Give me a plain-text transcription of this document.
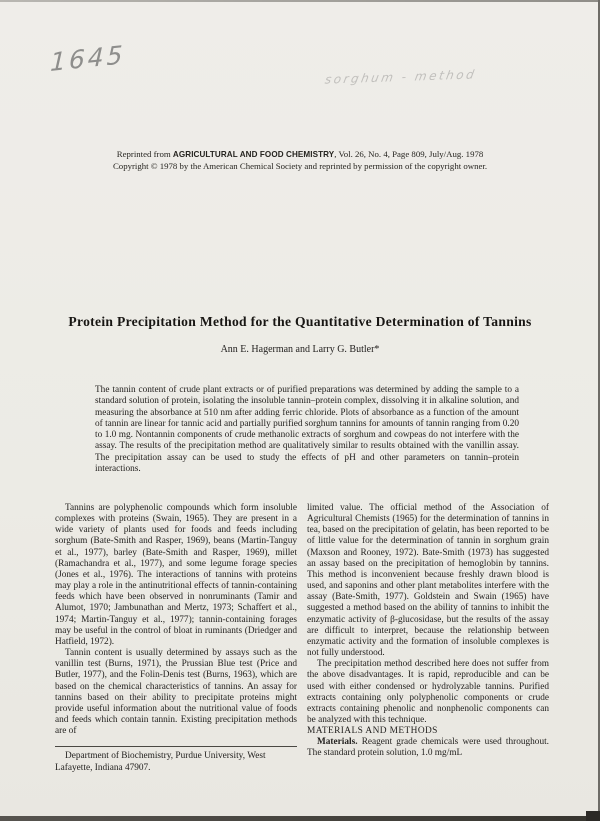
1645	sorghum - method
Reprinted from AGRICULTURAL AND FOOD CHEMISTRY, Vol. 26, No. 4, Page 809, July/Aug. 1978
Copyright © 1978 by the American Chemical Society and reprinted by permission of the copyright owner.
Protein Precipitation Method for the Quantitative Determination of Tannins
Ann E. Hagerman and Larry G. Butler*
The tannin content of crude plant extracts or of purified preparations was determined by adding the sample to a standard solution of protein, isolating the insoluble tannin–protein complex, dissolving it in alkaline solution, and measuring the absorbance at 510 nm after adding ferric chloride. Plots of absorbance as a function of the amount of tannin are linear for tannic acid and partially purified sorghum tannins for amounts of tannin ranging from 0.20 to 1.0 mg. Nontannin components of crude methanolic extracts of sorghum and cowpeas do not interfere with the assay. The results of the precipitation method are qualitatively similar to results obtained with the vanillin assay. The precipitation assay can be used to study the effects of pH and other parameters on tannin–protein interactions.

Tannins are polyphenolic compounds which form insoluble complexes with proteins (Swain, 1965). They are present in a wide variety of plants used for foods and feeds including sorghum (Bate-Smith and Rasper, 1969), beans (Martin-Tanguy et al., 1977), barley (Bate-Smith and Rasper, 1969), millet (Ramachandra et al., 1977), and some legume forage species (Jones et al., 1976). The interactions of tannins with proteins may play a role in the antinutritional effects of tannin-containing feeds which have been observed in nonruminants (Tamir and Alumot, 1970; Jambunathan and Mertz, 1973; Schaffert et al., 1974; Martin-Tanguy et al., 1977); tannin-containing forages may be useful in the control of bloat in ruminants (Driedger and Hatfield, 1972).

Tannin content is usually determined by assays such as the vanillin test (Burns, 1971), the Prussian Blue test (Price and Butler, 1977), and the Folin-Denis test (Burns, 1963), which are based on the chemical characteristics of tannins. An assay for tannins based on their ability to precipitate proteins might provide useful information about the nutritional value of foods and feeds which contain tannin. Existing precipitation methods are of

Department of Biochemistry, Purdue University, West Lafayette, Indiana 47907.

limited value. The official method of the Association of Agricultural Chemists (1965) for the determination of tannins in tea, based on the precipitation of gelatin, has been reported to be of little value for the determination of tannin in sorghum grain (Maxson and Rooney, 1972). Bate-Smith (1973) has suggested an assay based on the precipitation of hemoglobin by tannins. This method is inconvenient because freshly drawn blood is used, and saponins and other plant metabolites interfere with the assay (Bate-Smith, 1977). Goldstein and Swain (1965) have suggested a method based on the ability of tannins to inhibit the enzymatic activity of β-glucosidase, but the results of the assay are difficult to interpret, because the relationship between enzymatic activity and the formation of insoluble complexes is not fully understood.

The precipitation method described here does not suffer from the above disadvantages. It is rapid, reproducible and can be used with either condensed or hydrolyzable tannins. Purified extracts containing only polyphenolic components or crude extracts containing phenolic and nonphenolic components can be analyzed with this technique.

MATERIALS AND METHODS

Materials. Reagent grade chemicals were used throughout. The standard protein solution, 1.0 mg/mL
